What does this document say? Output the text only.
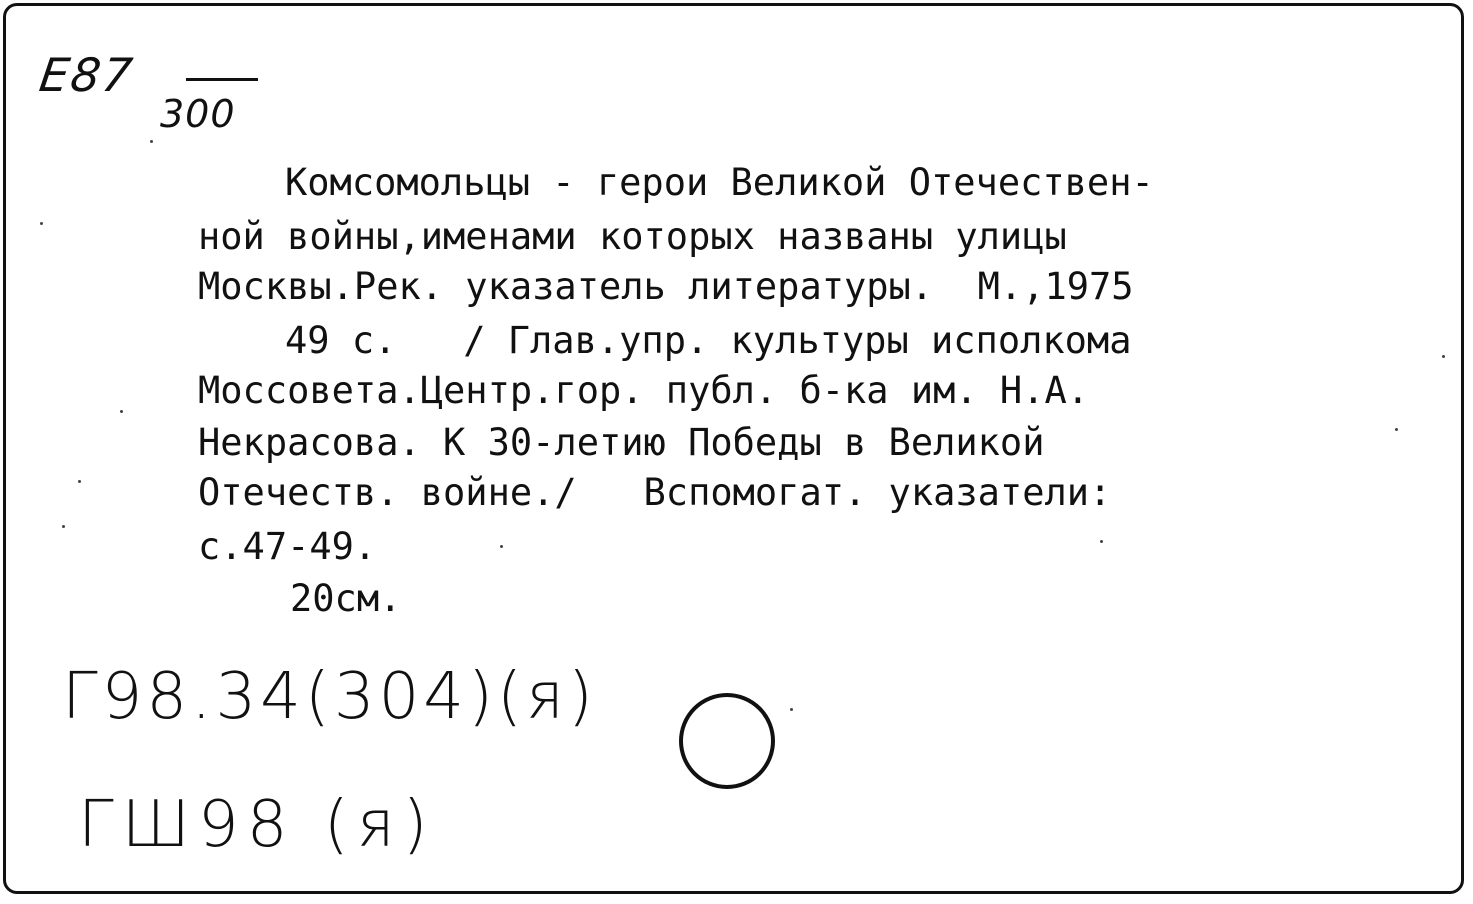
Е87
300
Комсомольцы - герои Великой Отечествен-
ной войны,именами которых названы улицы
Москвы.Рек. указатель литературы.  М.,1975
49 с.   / Глав.упр. культуры исполкома
Моссовета.Центр.гор. публ. б-ка им. Н.А.
Некрасова. К 30-летию Победы в Великой
Отечеств. войне./   Вспомогат. указатели:
с.47-49.
20см.
Г98.34(304)(я)
ГШ98 (я)
